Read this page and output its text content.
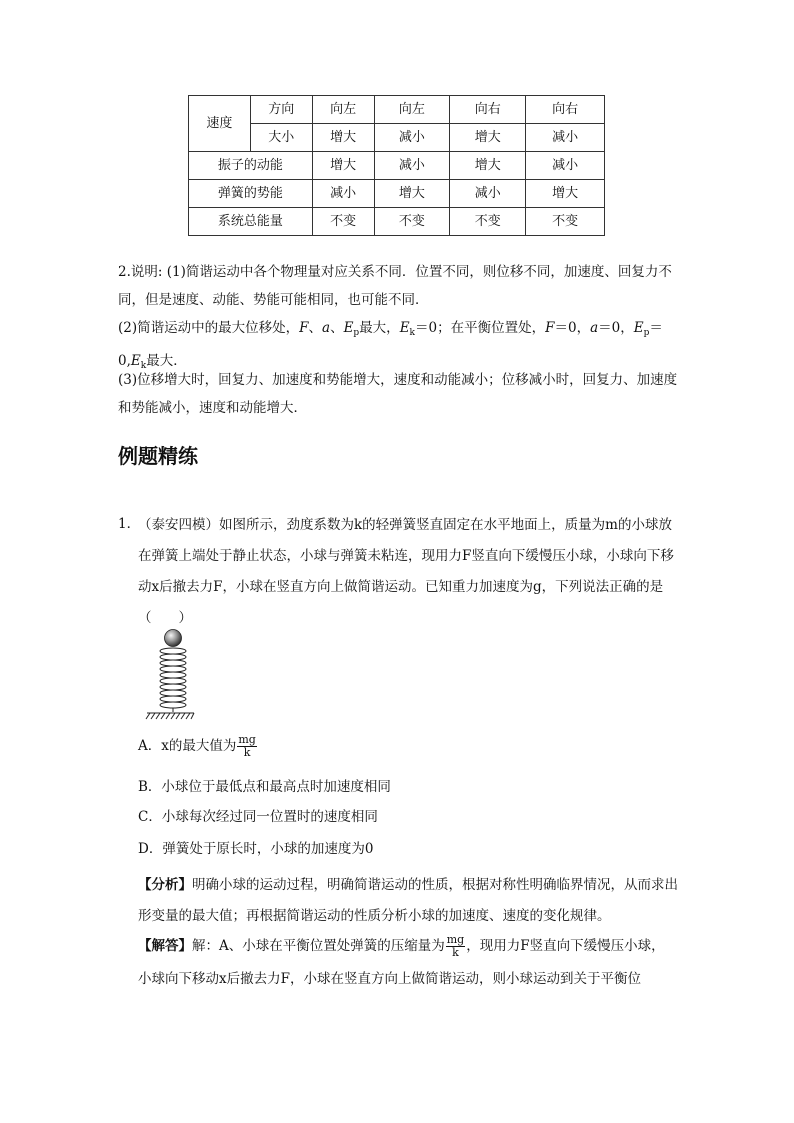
速度	方向	向左	向左	向右	向右
	大小	增大	减小	增大	减小
振子的动能		增大	减小	增大	减小
弹簧的势能		减小	增大	减小	增大
系统总能量		不变	不变	不变	不变

2.说明: (1)简谐运动中各个物理量对应关系不同．位置不同，则位移不同，加速度、回复力不同，但是速度、动能、势能可能相同，也可能不同．

(2)简谐运动中的最大位移处，F、a、$E_p$最大，$E_k=0$；在平衡位置处，F＝0，a＝0，$E_p=0,E_k$最大．

(3)位移增大时，回复力、加速度和势能增大，速度和动能减小；位移减小时，回复力、加速度和势能减小，速度和动能增大．

例题精练
1．

（泰安四模）如图所示，劲度系数为k的轻弹簧竖直固定在水平地面上，质量为m的小球放在弹簧上端处于静止状态，小球与弹簧未粘连，现用力F竖直向下缓慢压小球，小球向下移动x后撤去力F，小球在竖直方向上做简谐运动。已知重力加速度为g，下列说法正确的是（　　）

A．x的最大值为 $\frac{mg}{k}$
B．小球位于最低点和最高点时加速度相同
C．小球每次经过同一位置时的速度相同
D．弹簧处于原长时，小球的加速度为0

【分析】明确小球的运动过程，明确简谐运动的性质，根据对称性明确临界情况，从而求出形变量的最大值；再根据简谐运动的性质分析小球的加速度、速度的变化规律。

【解答】解：A、小球在平衡位置处弹簧的压缩量为 $\frac{mg}{k}$ ，现用力F竖直向下缓慢压小球，小球向下移动x后撤去力F，小球在竖直方向上做简谐运动，则小球运动到关于平衡位
